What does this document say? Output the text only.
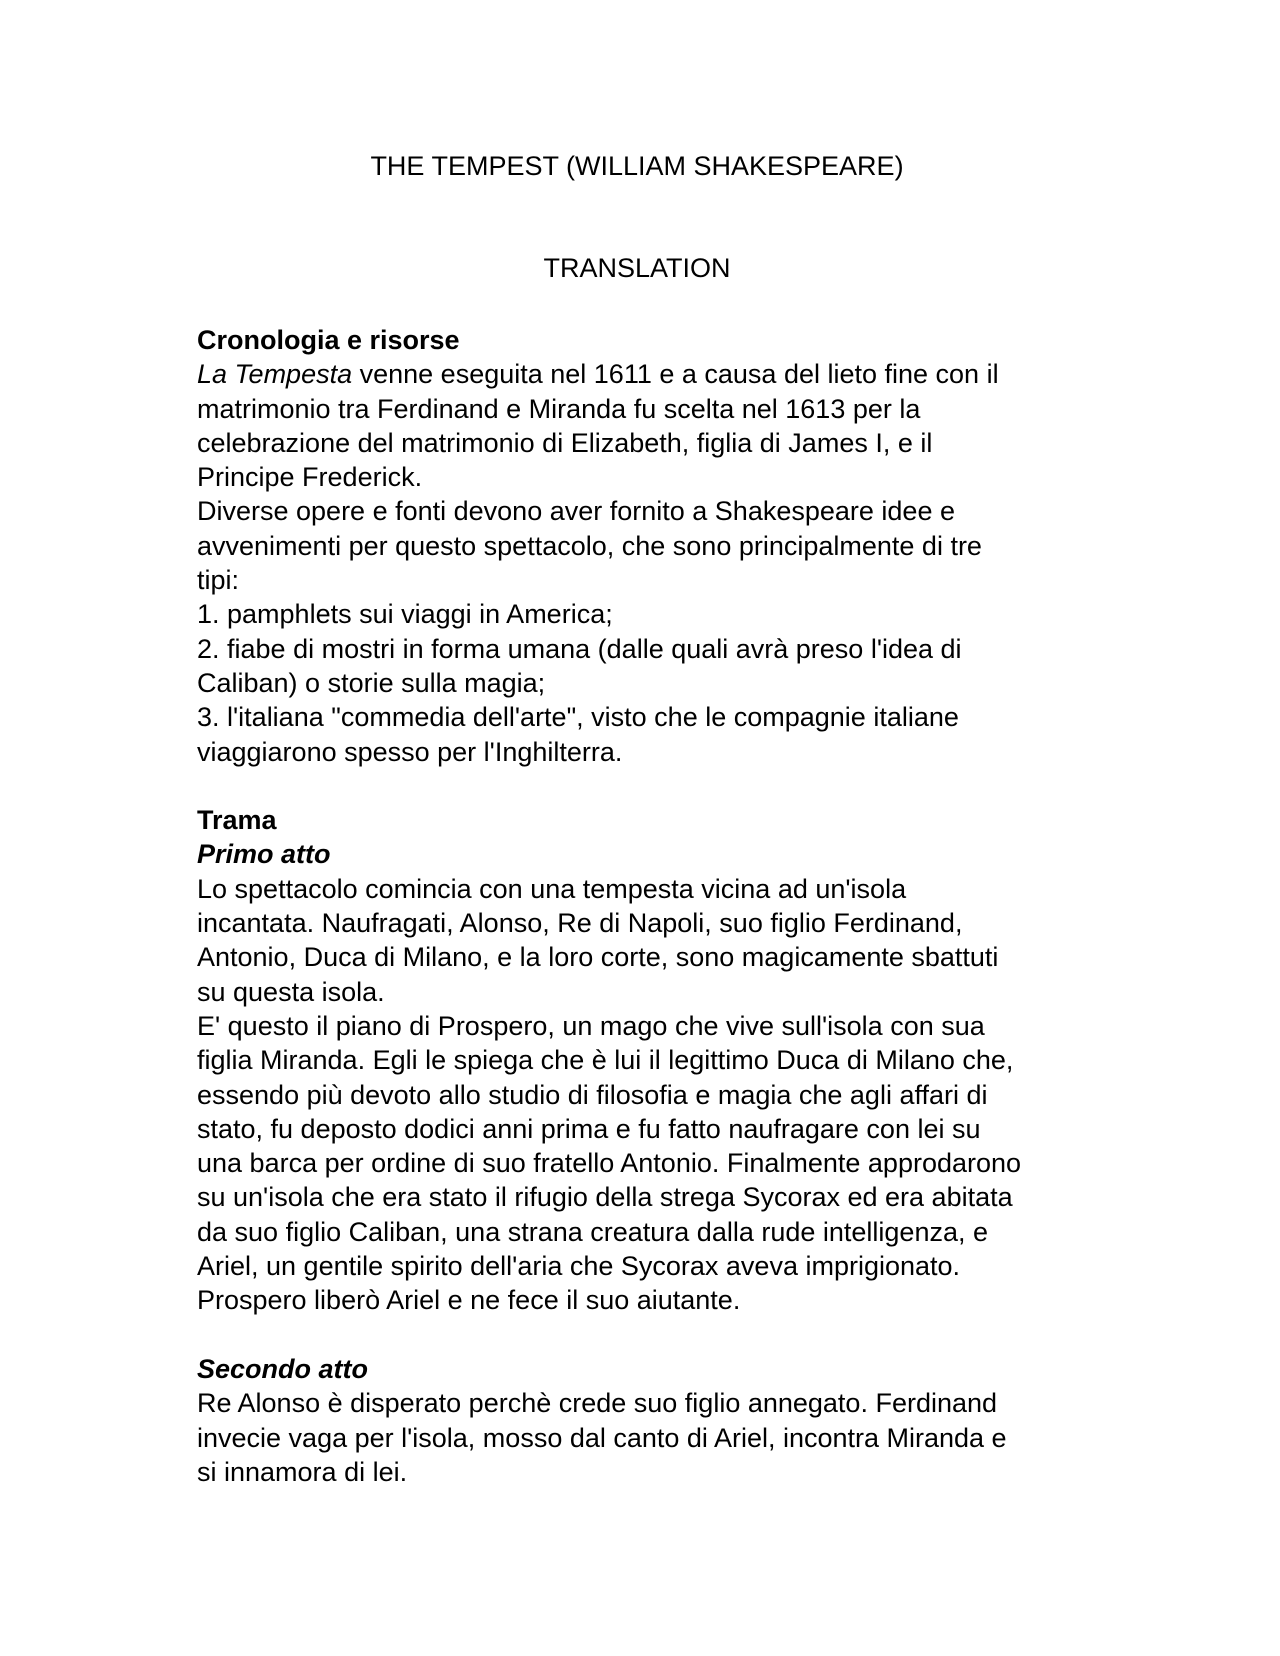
THE TEMPEST (WILLIAM SHAKESPEARE)
TRANSLATION

Cronologia e risorse

La Tempesta venne eseguita nel 1611 e a causa del lieto fine con il

matrimonio tra Ferdinand e Miranda fu scelta nel 1613 per la

celebrazione del matrimonio di Elizabeth, figlia di James I, e il

Principe Frederick.

Diverse opere e fonti devono aver fornito a Shakespeare idee e

avvenimenti per questo spettacolo, che sono principalmente di tre

tipi:

1. pamphlets sui viaggi in America;

2. fiabe di mostri in forma umana (dalle quali avrà preso l'idea di

Caliban) o storie sulla magia;

3. l'italiana "commedia dell'arte", visto che le compagnie italiane

viaggiarono spesso per l'Inghilterra.

Trama

Primo atto

Lo spettacolo comincia con una tempesta vicina ad un'isola

incantata. Naufragati, Alonso, Re di Napoli, suo figlio Ferdinand,

Antonio, Duca di Milano, e la loro corte, sono magicamente sbattuti

su questa isola.

E' questo il piano di Prospero, un mago che vive sull'isola con sua

figlia Miranda. Egli le spiega che è lui il legittimo Duca di Milano che,

essendo più devoto allo studio di filosofia e magia che agli affari di

stato, fu deposto dodici anni prima e fu fatto naufragare con lei su

una barca per ordine di suo fratello Antonio. Finalmente approdarono

su un'isola che era stato il rifugio della strega Sycorax ed era abitata

da suo figlio Caliban, una strana creatura dalla rude intelligenza, e

Ariel, un gentile spirito dell'aria che Sycorax aveva imprigionato.

Prospero liberò Ariel e ne fece il suo aiutante.

Secondo atto

Re Alonso è disperato perchè crede suo figlio annegato. Ferdinand

invecie vaga per l'isola, mosso dal canto di Ariel, incontra Miranda e

si innamora di lei.
